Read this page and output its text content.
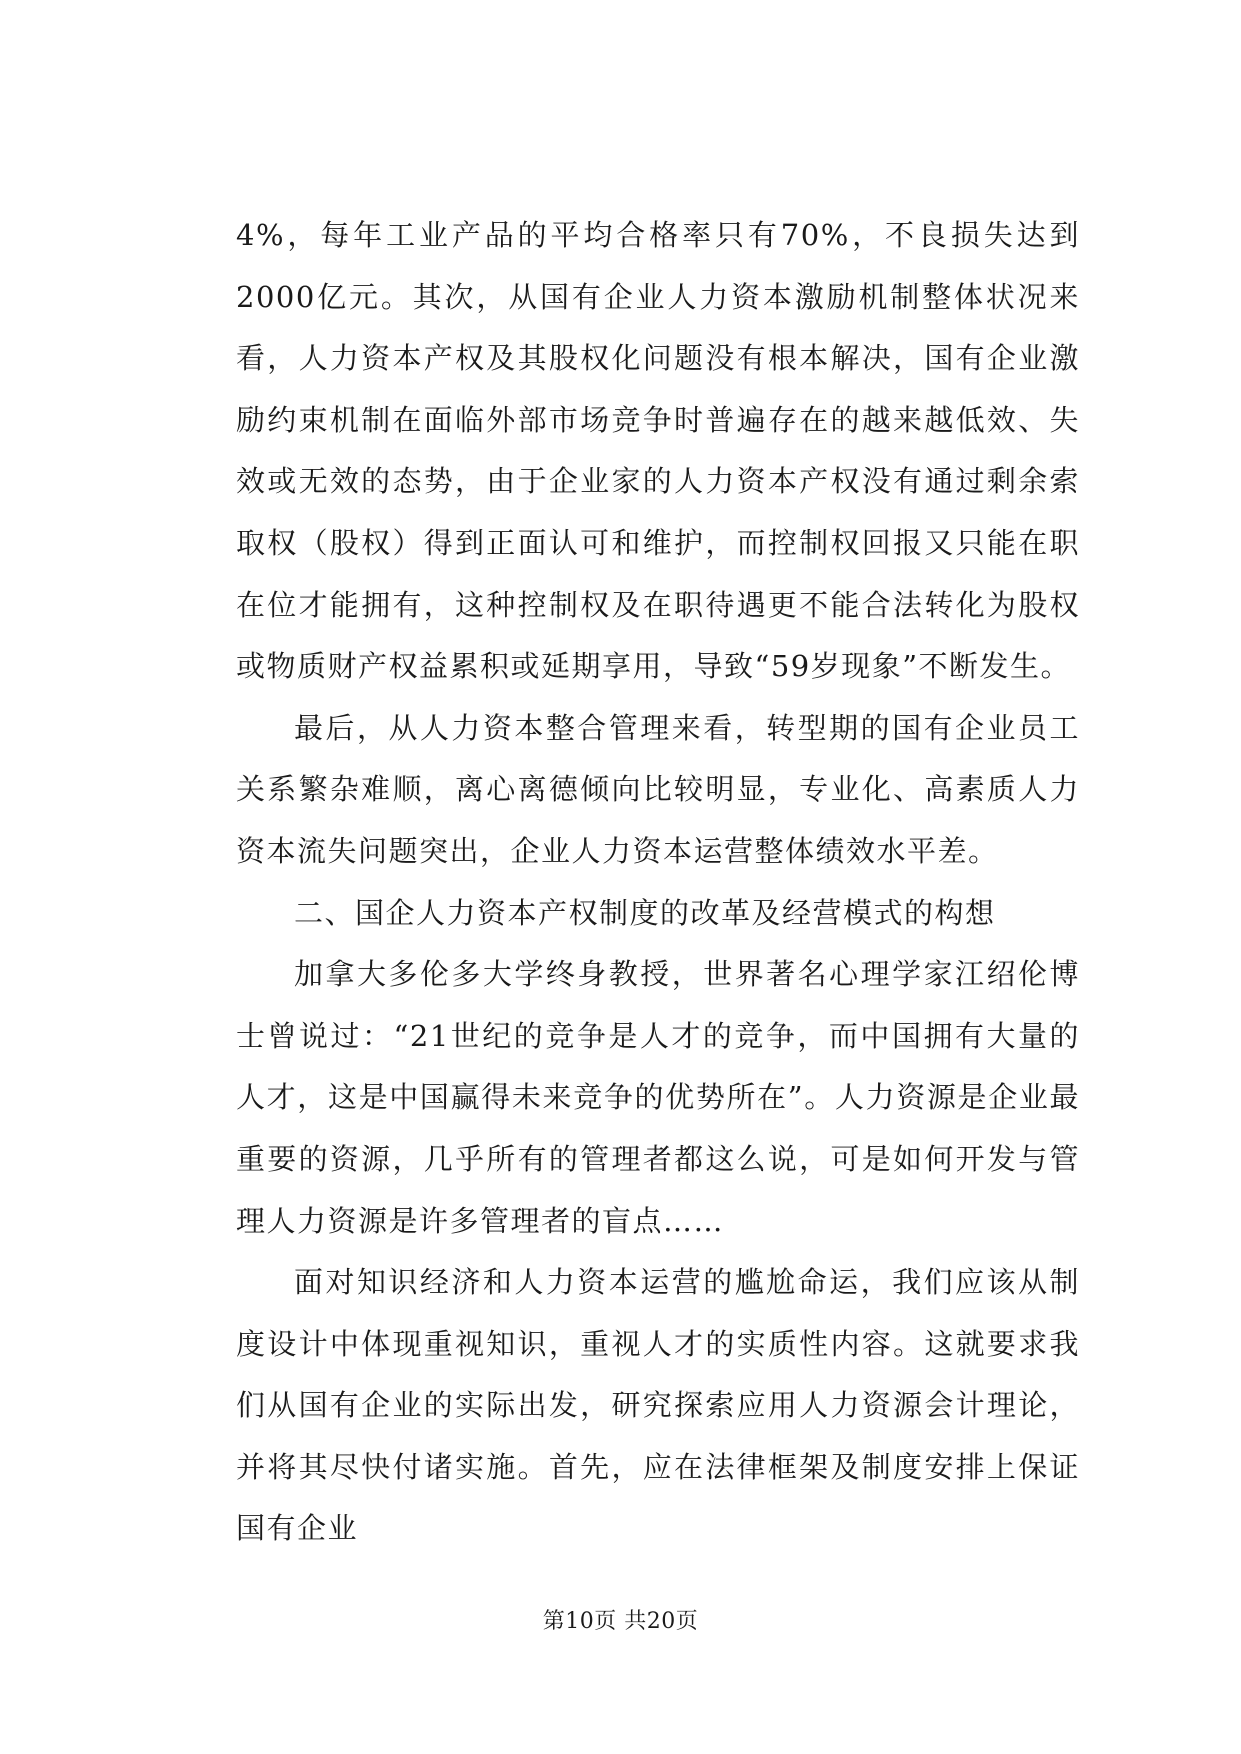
4%，每年工业产品的平均合格率只有70%，不良损失达到2000亿元。其次，从国有企业人力资本激励机制整体状况来看，人力资本产权及其股权化问题没有根本解决，国有企业激励约束机制在面临外部市场竞争时普遍存在的越来越低效、失效或无效的态势，由于企业家的人力资本产权没有通过剩余索取权（股权）得到正面认可和维护，而控制权回报又只能在职在位才能拥有，这种控制权及在职待遇更不能合法转化为股权或物质财产权益累积或延期享用，导致“59岁现象”不断发生。

最后，从人力资本整合管理来看，转型期的国有企业员工关系繁杂难顺，离心离德倾向比较明显，专业化、高素质人力资本流失问题突出，企业人力资本运营整体绩效水平差。

二、国企人力资本产权制度的改革及经营模式的构想

加拿大多伦多大学终身教授，世界著名心理学家江绍伦博士曾说过：“21世纪的竞争是人才的竞争，而中国拥有大量的人才，这是中国赢得未来竞争的优势所在”。人力资源是企业最重要的资源，几乎所有的管理者都这么说，可是如何开发与管理人力资源是许多管理者的盲点……

面对知识经济和人力资本运营的尴尬命运，我们应该从制度设计中体现重视知识，重视人才的实质性内容。这就要求我们从国有企业的实际出发，研究探索应用人力资源会计理论，并将其尽快付诸实施。首先，应在法律框架及制度安排上保证国有企业

第10页 共20页
